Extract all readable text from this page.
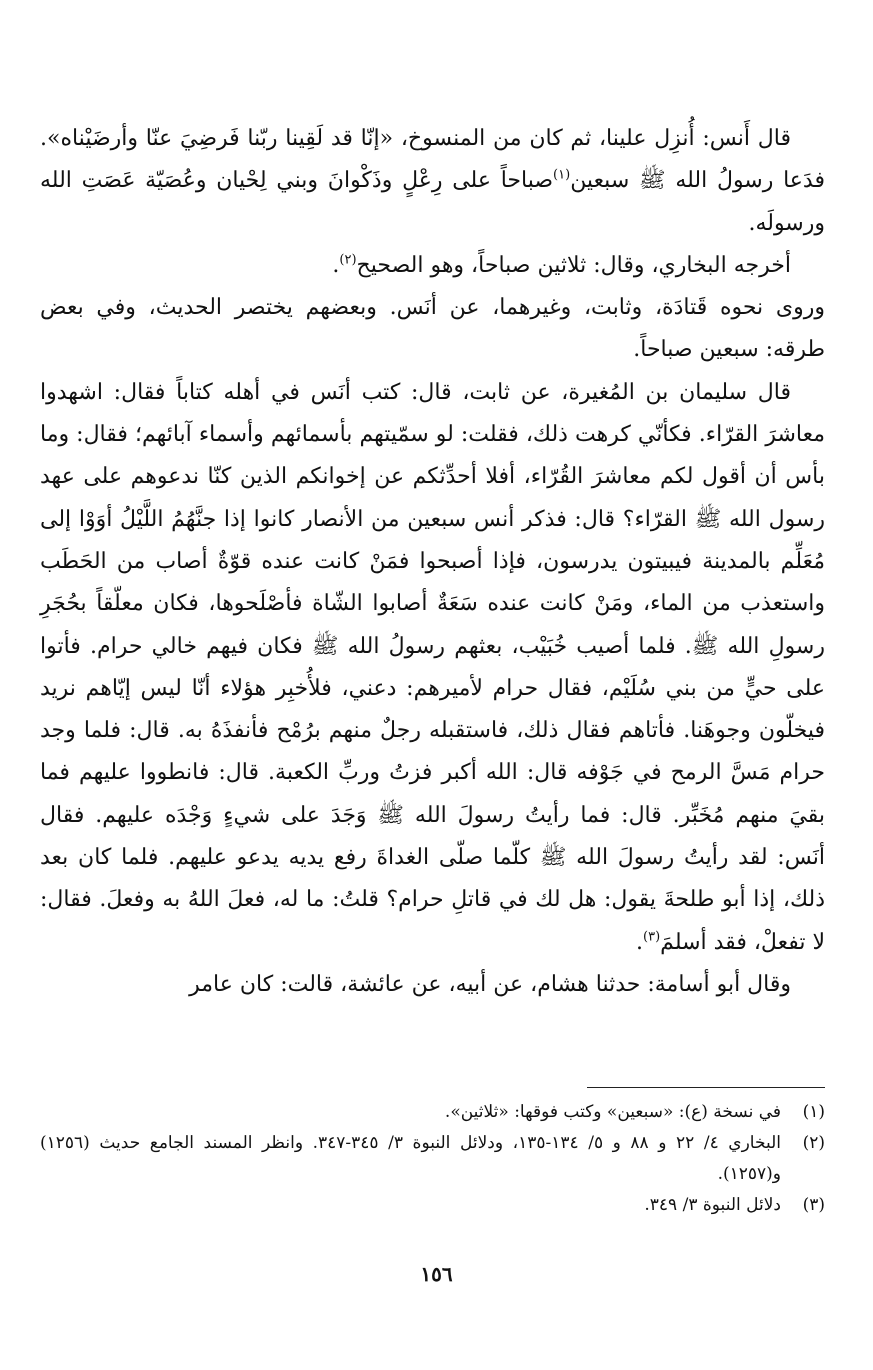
قال أَنس: أُنزِل علينا، ثم كان من المنسوخ، «إنّا قد لَقِينا ربّنا فَرضِيَ عنّا وأرضَيْناه». فدَعا رسولُ الله ﷺ سبعين$^{(١)}$صباحاً على رِعْلٍ وذَكْوانَ وبني لِحْيان وعُصَيّة عَصَتِ الله ورسولَه.

أخرجه البخاري، وقال: ثلاثين صباحاً، وهو الصحيح$^{(٢)}$.

وروى نحوه قَتادَة، وثابت، وغيرهما، عن أنَس. وبعضهم يختصر الحديث، وفي بعض طرقه: سبعين صباحاً.

قال سليمان بن المُغيرة، عن ثابت، قال: كتب أنَس في أهله كتاباً فقال: اشهدوا معاشرَ القرّاء. فكأنّي كرهت ذلك، فقلت: لو سمّيتهم بأسمائهم وأسماء آبائهم؛ فقال: وما بأس أن أقول لكم معاشرَ القُرّاء، أفلا أحدِّثكم عن إخوانكم الذين كنّا ندعوهم على عهد رسول الله ﷺ القرّاء؟ قال: فذكر أنس سبعين من الأنصار كانوا إذا جنَّهُمُ اللَّيْلُ أوَوْا إلى مُعَلِّم بالمدينة فيبيتون يدرسون، فإذا أصبحوا فمَنْ كانت عنده قوّةٌ أصاب من الحَطَب واستعذب من الماء، ومَنْ كانت عنده سَعَةٌ أصابوا الشّاة فأصْلَحوها، فكان معلّقاً بحُجَرِ رسولِ الله ﷺ. فلما أصيب خُبَيْب، بعثهم رسولُ الله ﷺ فكان فيهم خالي حرام. فأتوا على حيٍّ من بني سُلَيْم، فقال حرام لأميرهم: دعني، فلأُخبِر هؤلاء أنّا ليس إيّاهم نريد فيخلّون وجوهَنا. فأتاهم فقال ذلك، فاستقبله رجلٌ منهم برُمْح فأنفذَهُ به. قال: فلما وجد حرام مَسَّ الرمح في جَوْفه قال: الله أكبر فزتُ وربِّ الكعبة. قال: فانطووا عليهم فما بقيَ منهم مُخَبِّر. قال: فما رأيتُ رسولَ الله ﷺ وَجَدَ على شيءٍ وَجْدَه عليهم. فقال أنَس: لقد رأيتُ رسولَ الله ﷺ كلّما صلّى الغداةَ رفع يديه يدعو عليهم. فلما كان بعد ذلك، إذا أبو طلحةَ يقول: هل لك في قاتلِ حرام؟ قلتُ: ما له، فعلَ اللهُ به وفعلَ. فقال: لا تفعلْ، فقد أسلمَ$^{(٣)}$.

وقال أبو أسامة: حدثنا هشام، عن أبيه، عن عائشة، قالت: كان عامر

(١)
في نسخة (ع): «سبعين» وكتب فوقها: «ثلاثين».
(٢)
البخاري ٤/ ٢٢ و ٨٨ و ٥/ ١٣٤-١٣٥، ودلائل النبوة ٣/ ٣٤٥-٣٤٧. وانظر المسند الجامع حديث (١٢٥٦) و(١٢٥٧).
(٣)
دلائل النبوة ٣/ ٣٤٩.
١٥٦
